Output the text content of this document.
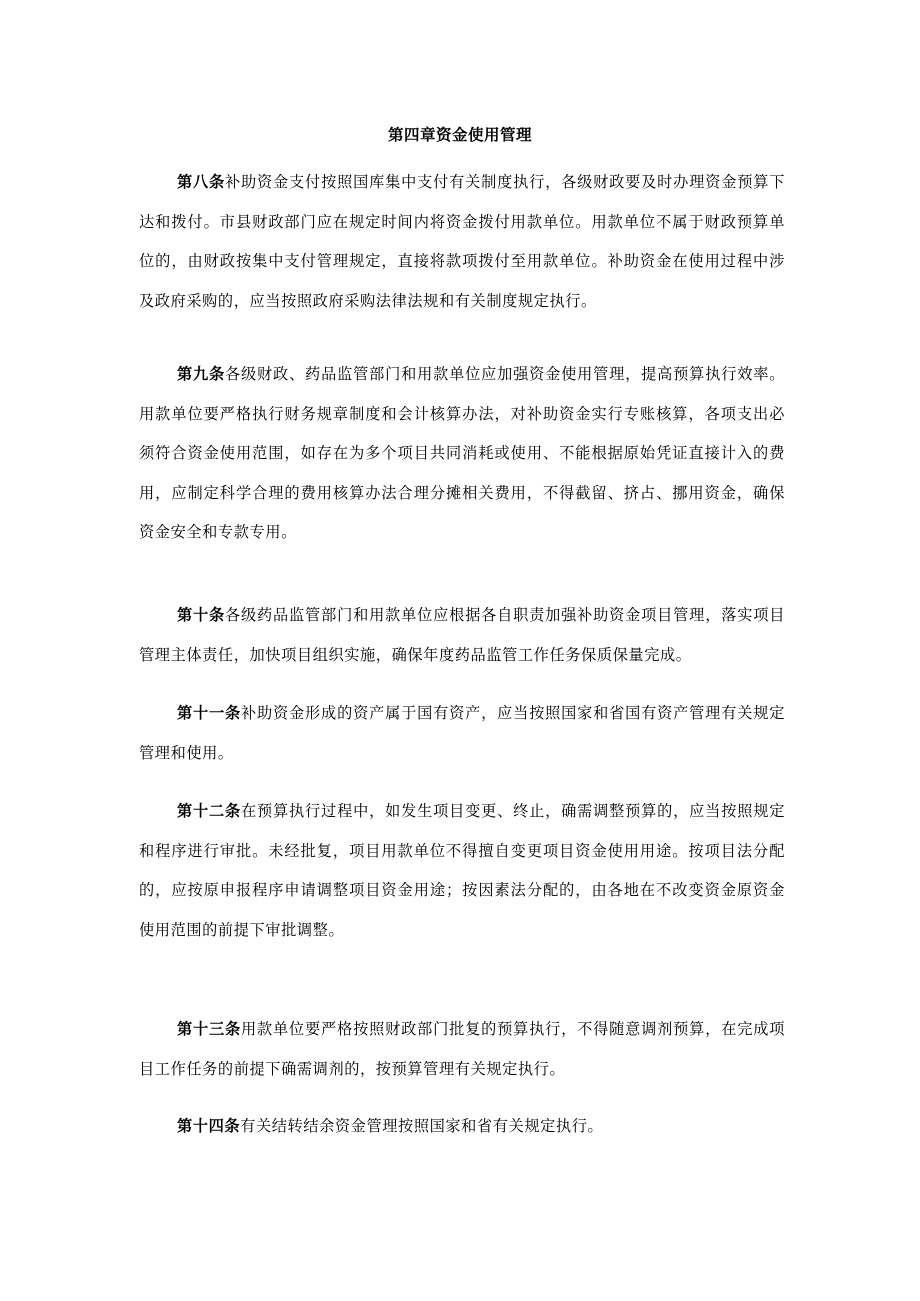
第四章资金使用管理

第八条补助资金支付按照国库集中支付有关制度执行，各级财政要及时办理资金预算下达和拨付。市县财政部门应在规定时间内将资金拨付用款单位。用款单位不属于财政预算单位的，由财政按集中支付管理规定，直接将款项拨付至用款单位。补助资金在使用过程中涉及政府采购的，应当按照政府采购法律法规和有关制度规定执行。

第九条各级财政、药品监管部门和用款单位应加强资金使用管理，提高预算执行效率。用款单位要严格执行财务规章制度和会计核算办法，对补助资金实行专账核算，各项支出必须符合资金使用范围，如存在为多个项目共同消耗或使用、不能根据原始凭证直接计入的费用，应制定科学合理的费用核算办法合理分摊相关费用，不得截留、挤占、挪用资金，确保资金安全和专款专用。

第十条各级药品监管部门和用款单位应根据各自职责加强补助资金项目管理，落实项目管理主体责任，加快项目组织实施，确保年度药品监管工作任务保质保量完成。

第十一条补助资金形成的资产属于国有资产，应当按照国家和省国有资产管理有关规定管理和使用。

第十二条在预算执行过程中，如发生项目变更、终止，确需调整预算的，应当按照规定和程序进行审批。未经批复，项目用款单位不得擅自变更项目资金使用用途。按项目法分配的，应按原申报程序申请调整项目资金用途；按因素法分配的，由各地在不改变资金原资金使用范围的前提下审批调整。

第十三条用款单位要严格按照财政部门批复的预算执行，不得随意调剂预算，在完成项目工作任务的前提下确需调剂的，按预算管理有关规定执行。

第十四条有关结转结余资金管理按照国家和省有关规定执行。
